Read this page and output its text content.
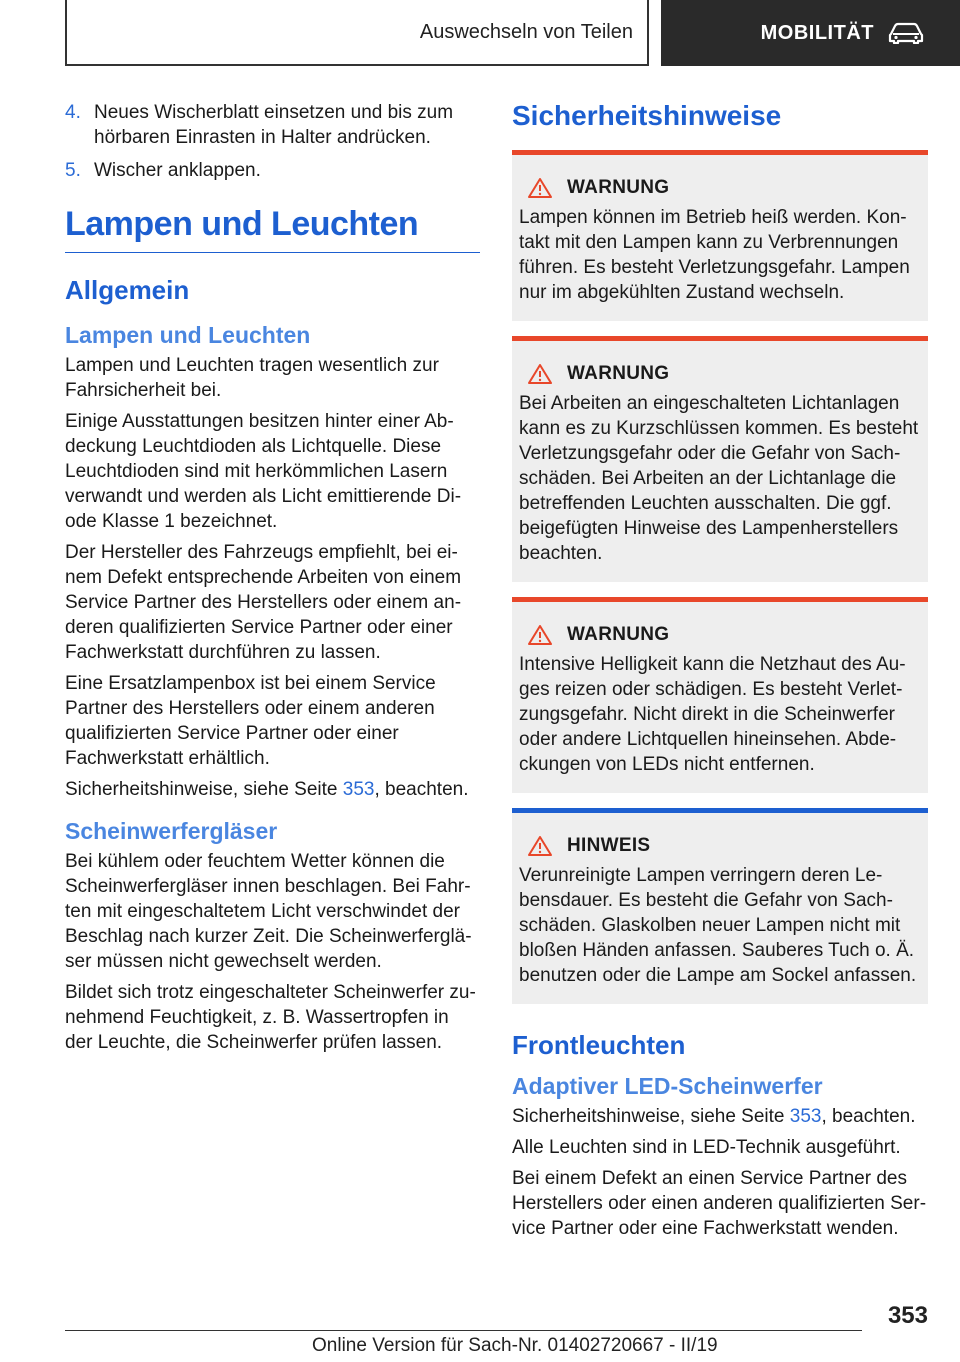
Auswechseln von Teilen	MOBILITÄT
4. Neues Wischerblatt einsetzen und bis zum hörbaren Einrasten in Halter andrücken.
5. Wischer anklappen.
Lampen und Leuchten
Allgemein
Lampen und Leuchten

Lampen und Leuchten tragen wesentlich zur Fahrsicherheit bei.

Einige Ausstattungen besitzen hinter einer Abdeckung Leuchtdioden als Lichtquelle. Diese Leuchtdioden sind mit herkömmlichen Lasern verwandt und werden als Licht emittierende Diode Klasse 1 bezeichnet.

Der Hersteller des Fahrzeugs empfiehlt, bei einem Defekt entsprechende Arbeiten von einem Service Partner des Herstellers oder einem anderen qualifizierten Service Partner oder einer Fachwerkstatt durchführen zu lassen.

Eine Ersatzlampenbox ist bei einem Service Partner des Herstellers oder einem anderen qualifizierten Service Partner oder einer Fachwerkstatt erhältlich.

Sicherheitshinweise, siehe Seite 353, beachten.

Scheinwerfergläser

Bei kühlem oder feuchtem Wetter können die Scheinwerfergläser innen beschlagen. Bei Fahrten mit eingeschaltetem Licht verschwindet der Beschlag nach kurzer Zeit. Die Scheinwerfergläser müssen nicht gewechselt werden.

Bildet sich trotz eingeschalteter Scheinwerfer zunehmend Feuchtigkeit, z. B. Wassertropfen in der Leuchte, die Scheinwerfer prüfen lassen.

Sicherheitshinweise
WARNUNG

Lampen können im Betrieb heiß werden. Kontakt mit den Lampen kann zu Verbrennungen führen. Es besteht Verletzungsgefahr. Lampen nur im abgekühlten Zustand wechseln.

WARNUNG

Bei Arbeiten an eingeschalteten Lichtanlagen kann es zu Kurzschlüssen kommen. Es besteht Verletzungsgefahr oder die Gefahr von Sachschäden. Bei Arbeiten an der Lichtanlage die betreffenden Leuchten ausschalten. Die ggf. beigefügten Hinweise des Lampenherstellers beachten.

WARNUNG

Intensive Helligkeit kann die Netzhaut des Auges reizen oder schädigen. Es besteht Verletzungsgefahr. Nicht direkt in die Scheinwerfer oder andere Lichtquellen hineinsehen. Abdeckungen von LEDs nicht entfernen.

HINWEIS

Verunreinigte Lampen verringern deren Lebensdauer. Es besteht die Gefahr von Sachschäden. Glaskolben neuer Lampen nicht mit bloßen Händen anfassen. Sauberes Tuch o. Ä. benutzen oder die Lampe am Sockel anfassen.

Frontleuchten
Adaptiver LED-Scheinwerfer

Sicherheitshinweise, siehe Seite 353, beachten.

Alle Leuchten sind in LED-Technik ausgeführt.

Bei einem Defekt an einen Service Partner des Herstellers oder einen anderen qualifizierten Service Partner oder eine Fachwerkstatt wenden.

353
Online Version für Sach-Nr. 01402720667 - II/19
